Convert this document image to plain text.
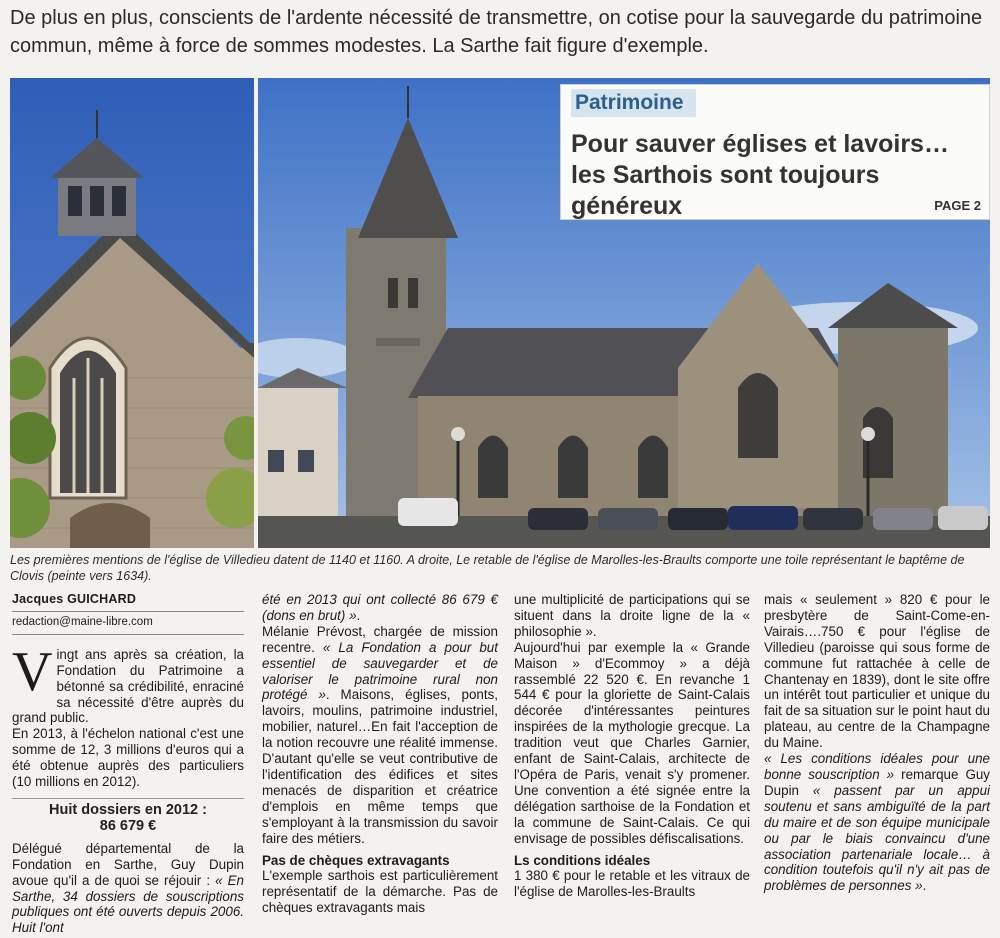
De plus en plus, conscients de l'ardente nécessité de transmettre, on cotise pour la sauvegarde du patrimoine commun, même à force de sommes modestes. La Sarthe fait figure d'exemple.
Patrimoine
Pour sauver églises et lavoirs… les Sarthois sont toujours généreux	PAGE 2
Les premières mentions de l'église de Villedieu datent de 1140 et 1160. A droite, Le retable de l'église de Marolles-les-Braults comporte une toile représentant le baptême de Clovis (peinte vers 1634).
Jacques GUICHARD
redaction@maine-libre.com

Vingt ans après sa création, la Fondation du Patrimoine a bétonné sa crédibilité, enraciné sa nécessité d'être auprès du grand public.

En 2013, à l'échelon national c'est une somme de 12, 3 millions d'euros qui a été obtenue auprès des particuliers (10 millions en 2012).

Huit dossiers en 2012 :
86 679 €

Délégué départemental de la Fondation en Sarthe, Guy Dupin avoue qu'il a de quoi se réjouir : « En Sarthe, 34 dossiers de souscriptions publiques ont été ouverts depuis 2006. Huit l'ont

été en 2013 qui ont collecté 86 679 € (dons en brut) ».

Mélanie Prévost, chargée de mission recentre. « La Fondation a pour but essentiel de sauvegarder et de valoriser le patrimoine rural non protégé ». Maisons, églises, ponts, lavoirs, moulins, patrimoine industriel, mobilier, naturel…En fait l'acception de la notion recouvre une réalité immense. D'autant qu'elle se veut contributive de l'identification des édifices et sites menacés de disparition et créatrice d'emplois en même temps que s'employant à la transmission du savoir faire des métiers.

Pas de chèques extravagants

L'exemple sarthois est particulièrement représentatif de la démarche. Pas de chèques extravagants mais

une multiplicité de participations qui se situent dans la droite ligne de la « philosophie ».

Aujourd'hui par exemple la « Grande Maison » d'Ecommoy » a déjà rassemblé 22 520 €. En revanche 1 544 € pour la gloriette de Saint-Calais décorée d'intéressantes peintures inspirées de la mythologie grecque. La tradition veut que Charles Garnier, enfant de Saint-Calais, architecte de l'Opéra de Paris, venait s'y promener. Une convention a été signée entre la délégation sarthoise de la Fondation et la commune de Saint-Calais. Ce qui envisage de possibles défiscalisations.

Ls conditions idéales

1 380 € pour le retable et les vitraux de l'église de Marolles-les-Braults

mais « seulement » 820 € pour le presbytère de Saint-Come-en-Vairais….750 € pour l'église de Villedieu (paroisse qui sous forme de commune fut rattachée à celle de Chantenay en 1839), dont le site offre un intérêt tout particulier et unique du fait de sa situation sur le point haut du plateau, au centre de la Champagne du Maine.

« Les conditions idéales pour une bonne souscription » remarque Guy Dupin « passent par un appui soutenu et sans ambiguïté de la part du maire et de son équipe municipale ou par le biais convaincu d'une association partenariale locale… à condition toutefois qu'il n'y ait pas de problèmes de personnes ».
